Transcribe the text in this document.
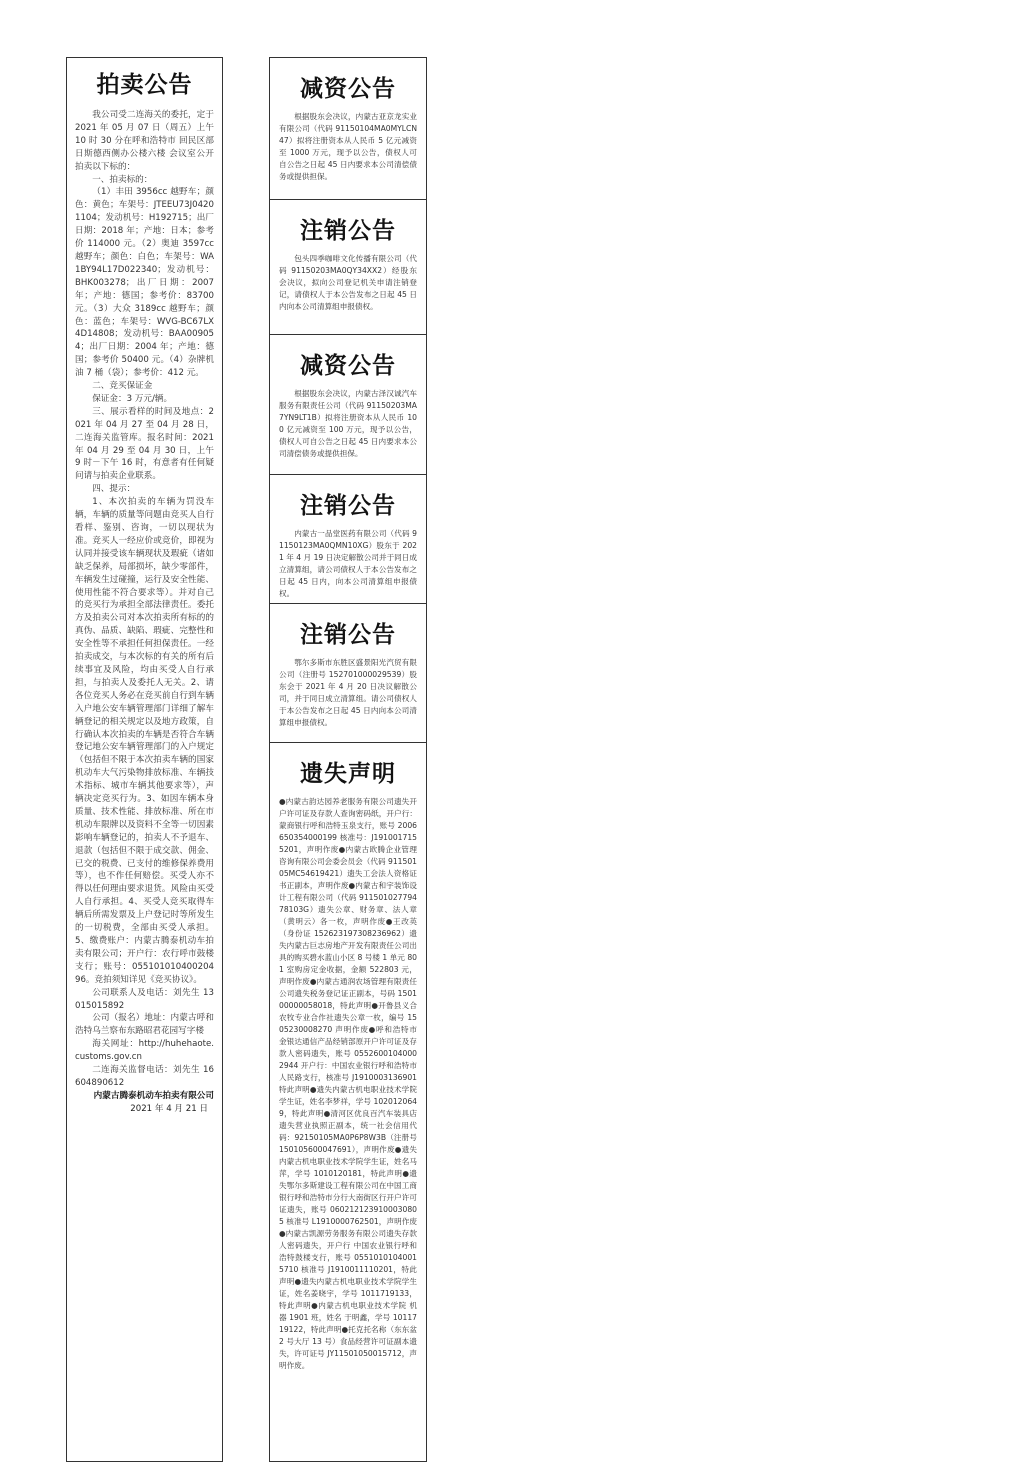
拍卖公告

我公司受二连海关的委托，定于 2021 年 05 月 07 日（周五）上午 10 时 30 分在呼和浩特市 回民区部日斯德西侧办公楼六楼 会议室公开拍卖以下标的：

一、拍卖标的：

（1）丰田 3956cc 越野车；颜色：黄色；车架号：JTEEU73J04201104；发动机号：H192715；出厂日期：2018 年；产地：日本；参考价 114000 元。（2）奥迪 3597cc 越野车；颜色：白色；车架号：WA1BY94L17D022340；发动机号：BHK003278；出厂日期：2007 年；产地：德国；参考价：83700 元。（3）大众 3189cc 越野车；颜色：蓝色；车架号：WVG-BC67LX4D14808；发动机号：BAA009054；出厂日期：2004 年；产地：德国；参考价 50400 元。（4）杂牌机油 7 桶（袋）；参考价：412 元。

二、竞买保证金

保证金：3 万元/辆。

三、展示看样的时间及地点：2021 年 04 月 27 至 04 月 28 日，二连海关监管库。报名时间：2021 年 04 月 29 至 04 月 30 日，上午 9 时－下午 16 时，有意者有任何疑问请与拍卖企业联系。

四、提示：

1、本次拍卖的车辆为罚没车辆，车辆的质量等问题由竞买人自行看样、鉴别、咨询，一切以现状为准。竞买人一经应价或竞价，即视为认同并接受该车辆现状及瑕疵（诸如缺乏保养，局部损坏，缺少零部件，车辆发生过碰撞，运行及安全性能、使用性能不符合要求等）。并对自己的竞买行为承担全部法律责任。委托方及拍卖公司对本次拍卖所有标的的真伪、品质、缺陷、瑕疵、完整性和安全性等不承担任何担保责任。一经拍卖成交，与本次标的有关的所有后续事宜及风险，均由买受人自行承担，与拍卖人及委托人无关。2、请各位竞买人务必在竞买前自行到车辆入户地公安车辆管理部门详细了解车辆登记的相关规定以及地方政策，自行确认本次拍卖的车辆是否符合车辆登记地公安车辆管理部门的入户规定（包括但不限于本次拍卖车辆的国家机动车大气污染物排放标准、车辆技术指标、城市车辆其他要求等），声辆决定竞买行为。3、如因车辆本身质量、技术性能、排放标准、所在市机动车限牌以及资料不全等一切因素影响车辆登记的，拍卖人不予退车、退款（包括但不限于成交款、佣金、已交的税费、已支付的维修保养费用等），也不作任何赔偿。买受人亦不得以任何理由要求退货。风险由买受人自行承担。4、买受人竞买取得车辆后所需发票及上户登记时等所发生的一切税费，全部由买受人承担。5、缴费账户：内蒙古腾泰机动车拍卖有限公司；开户行：农行呼市鼓楼支行；账号：05510101040020496。竞拍须知详见《竞买协议》。

公司联系人及电话：刘先生 13015015892

公司（报名）地址：内蒙古呼和浩特乌兰察布东路昭君花园写字楼

海关网址：http://huhehaote.customs.gov.cn

二连海关监督电话：刘先生 16604890612

内蒙古腾泰机动车拍卖有限公司

2021 年 4 月 21 日

减资公告
根据股东会决议，内蒙古亚京龙实业有限公司（代码 91150104MA0MYLCN47）拟将注册资本从人民币 5 亿元减资至 1000 万元，现予以公告，债权人可自公告之日起 45 日内要求本公司清偿债务或提供担保。
注销公告
包头四季咖啡文化传播有限公司（代码 91150203MA0QY34XX2）经股东会决议，拟向公司登记机关申请注销登记，请债权人于本公告发布之日起 45 日内向本公司清算组申报债权。
减资公告
根据股东会决议，内蒙古泽汉诚汽车服务有限责任公司（代码 91150203MA7YN9LT1B）拟将注册资本从人民币 100 亿元减资至 100 万元，现予以公告，债权人可自公告之日起 45 日内要求本公司清偿债务或提供担保。
注销公告
内蒙古一品堂医药有限公司（代码 91150123MA0QMN10XG）股东于 2021 年 4 月 19 日决定解散公司并于同日成立清算组，请公司债权人于本公告发布之日起 45 日内，向本公司清算组申报债权。
注销公告
鄂尔多斯市东胜区盛景阳光汽贸有限公司（注册号 152701000029539）股东会于 2021 年 4 月 20 日决议解散公司，并于同日成立清算组。请公司债权人于本公告发布之日起 45 日内向本公司清算组申报债权。
遗失声明
●内蒙古韵达园养老服务有限公司遗失开户许可证及存款人查询密码纸，开户行：蒙商银行呼和浩特玉泉支行，账号 2006650354000199 核准号：J1910017155201，声明作废●内蒙古欧腾企业管理咨询有限公司会委会员会（代码 91150105MC54619421）遗失工会法人资格证书正副本，声明作废●内蒙古和宇装饰设计工程有限公司（代码 91150102779478103G）遗失公章、财务章、法人章（黄明云）各一枚，声明作废●王改英（身份证 152623197308236962）遗失内蒙古巨志房地产开发有限责任公司出具的购买碧水蓝山小区 8 号楼 1 单元 801 室购房定金收据，金额 522803 元，声明作废●内蒙古通润农场管理有限责任公司遗失税务登记证正副本，号码 150100000058018，特此声明●开鲁县义合农牧专业合作社遗失公章一枚，编号 1505230008270 声明作废●呼和浩特市金银达通信产品经销部原开户许可证及存款人密码遗失，账号 05526001040002944 开户行：中国农业银行呼和浩特市人民路支行，核准号 J1910003136901 特此声明●遗失内蒙古机电职业技术学院学生证，姓名李梦祥，学号 1020120649，特此声明●清河区优良百汽车装具店遗失营业执照正副本，统一社会信用代码：92150105MA0P6P8W3B（注册号 150105600047691），声明作废●遗失内蒙古机电职业技术学院学生证，姓名马萍，学号 1010120181，特此声明●遗失鄂尔多斯建设工程有限公司在中国工商银行呼和浩特市分行大南街区行开户许可证遗失，账号 0602121239100030805 核准号 L1910000762501，声明作废●内蒙古凯源劳务服务有限公司遗失存款人密码遗失，开户行 中国农业银行呼和浩特鼓楼支行，账号 05510101040015710 核准号 J1910011110201，特此声明●遗失内蒙古机电职业技术学院学生证，姓名姜晓宇，学号 1011719133，特此声明●内蒙古机电职业技术学院 机器 1901 班，姓名 于明鑫，学号 1011719122，特此声明●托克托名称（东东盆 2 号大厅 13 号）食品经营许可证副本遗失，许可证号 JY11501050015712，声明作废。
